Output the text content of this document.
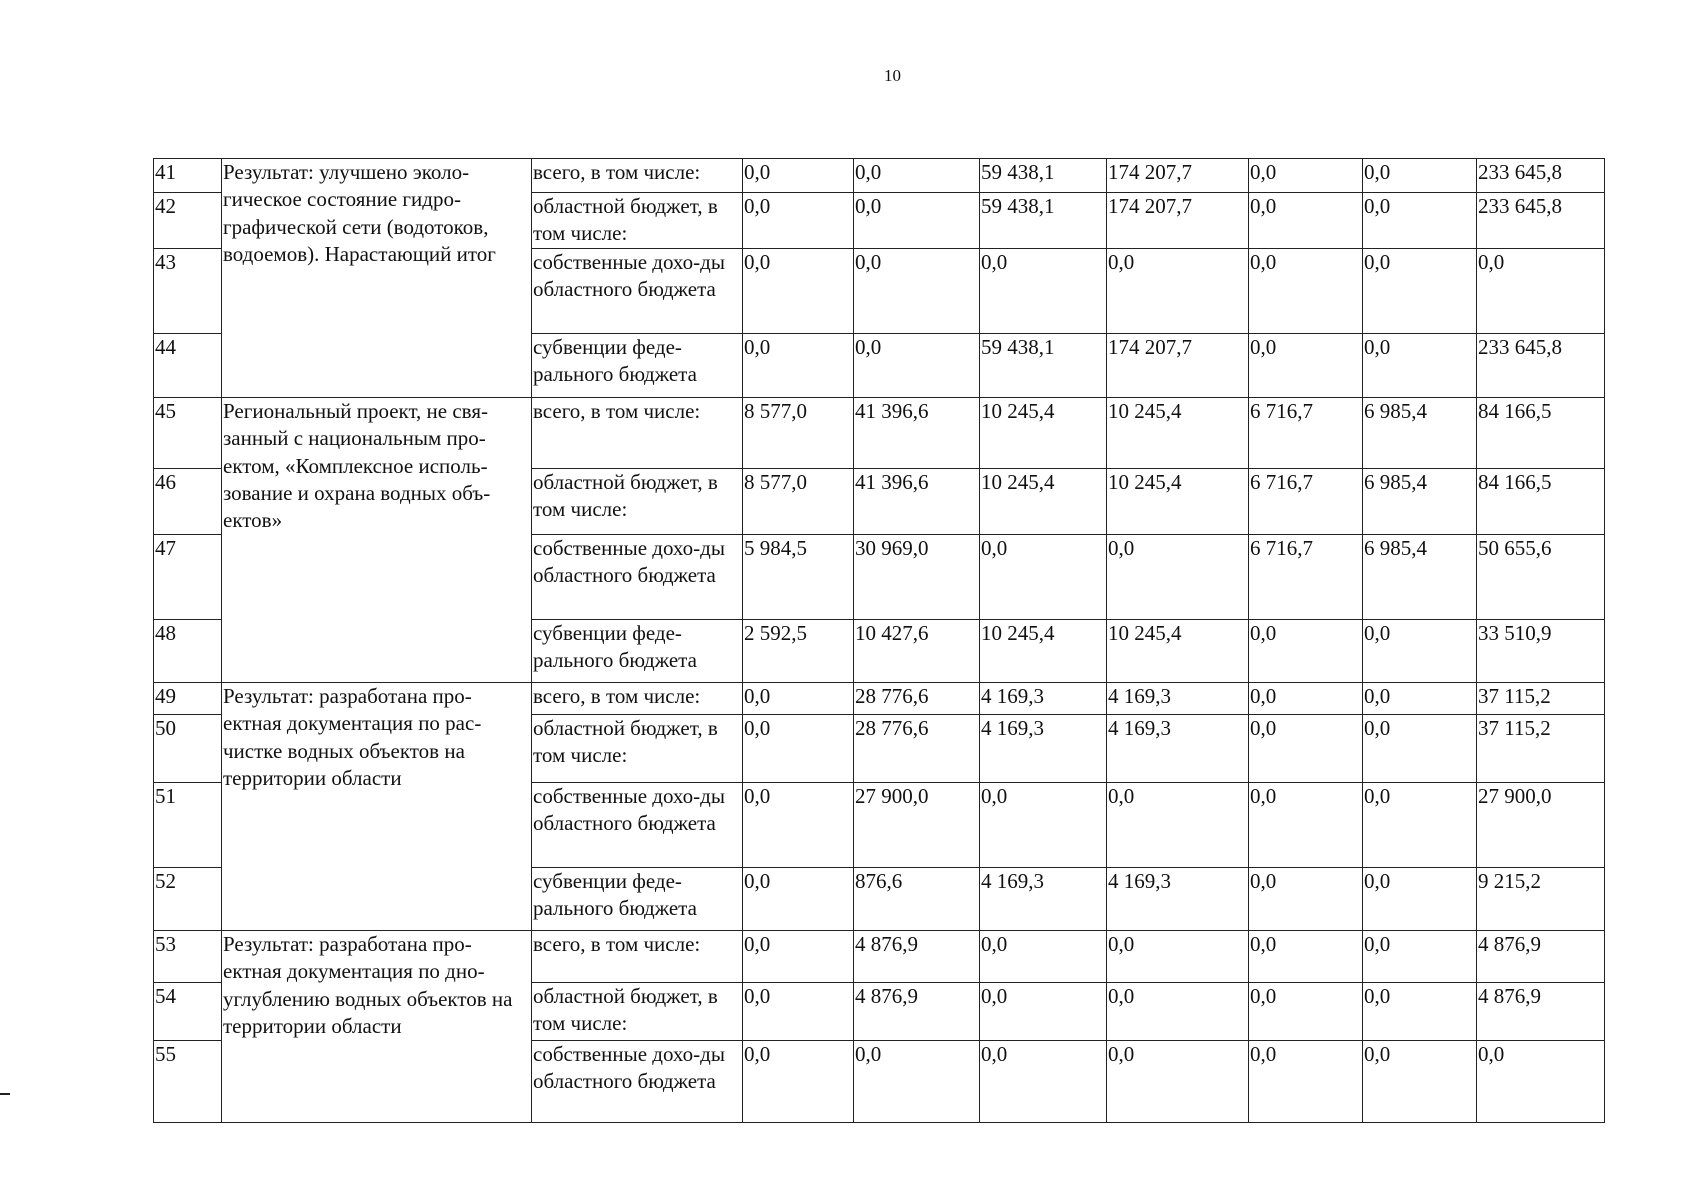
10
41	Результат: улучшено эколо-гическое состояние гидро-графической сети (водотоков, водоемов). Нарастающий итог	всего, в том числе:	0,0	0,0	59 438,1	174 207,7	0,0	0,0	233 645,8
42		областной бюджет, в том числе:	0,0	0,0	59 438,1	174 207,7	0,0	0,0	233 645,8
43		собственные дохо-ды областного бюджета	0,0	0,0	0,0	0,0	0,0	0,0	0,0
44		субвенции феде-рального бюджета	0,0	0,0	59 438,1	174 207,7	0,0	0,0	233 645,8
45	Региональный проект, не свя-занный с национальным про-ектом, «Комплексное исполь-зование и охрана водных объ-ектов»	всего, в том числе:	8 577,0	41 396,6	10 245,4	10 245,4	6 716,7	6 985,4	84 166,5
46		областной бюджет, в том числе:	8 577,0	41 396,6	10 245,4	10 245,4	6 716,7	6 985,4	84 166,5
47		собственные дохо-ды областного бюджета	5 984,5	30 969,0	0,0	0,0	6 716,7	6 985,4	50 655,6
48		субвенции феде-рального бюджета	2 592,5	10 427,6	10 245,4	10 245,4	0,0	0,0	33 510,9
49	Результат: разработана про-ектная документация по рас-чистке водных объектов на территории области	всего, в том числе:	0,0	28 776,6	4 169,3	4 169,3	0,0	0,0	37 115,2
50		областной бюджет, в том числе:	0,0	28 776,6	4 169,3	4 169,3	0,0	0,0	37 115,2
51		собственные дохо-ды областного бюджета	0,0	27 900,0	0,0	0,0	0,0	0,0	27 900,0
52		субвенции феде-рального бюджета	0,0	876,6	4 169,3	4 169,3	0,0	0,0	9 215,2
53	Результат: разработана про-ектная документация по дно-углублению водных объектов на территории области	всего, в том числе:	0,0	4 876,9	0,0	0,0	0,0	0,0	4 876,9
54		областной бюджет, в том числе:	0,0	4 876,9	0,0	0,0	0,0	0,0	4 876,9
55		собственные дохо-ды областного бюджета	0,0	0,0	0,0	0,0	0,0	0,0	0,0
